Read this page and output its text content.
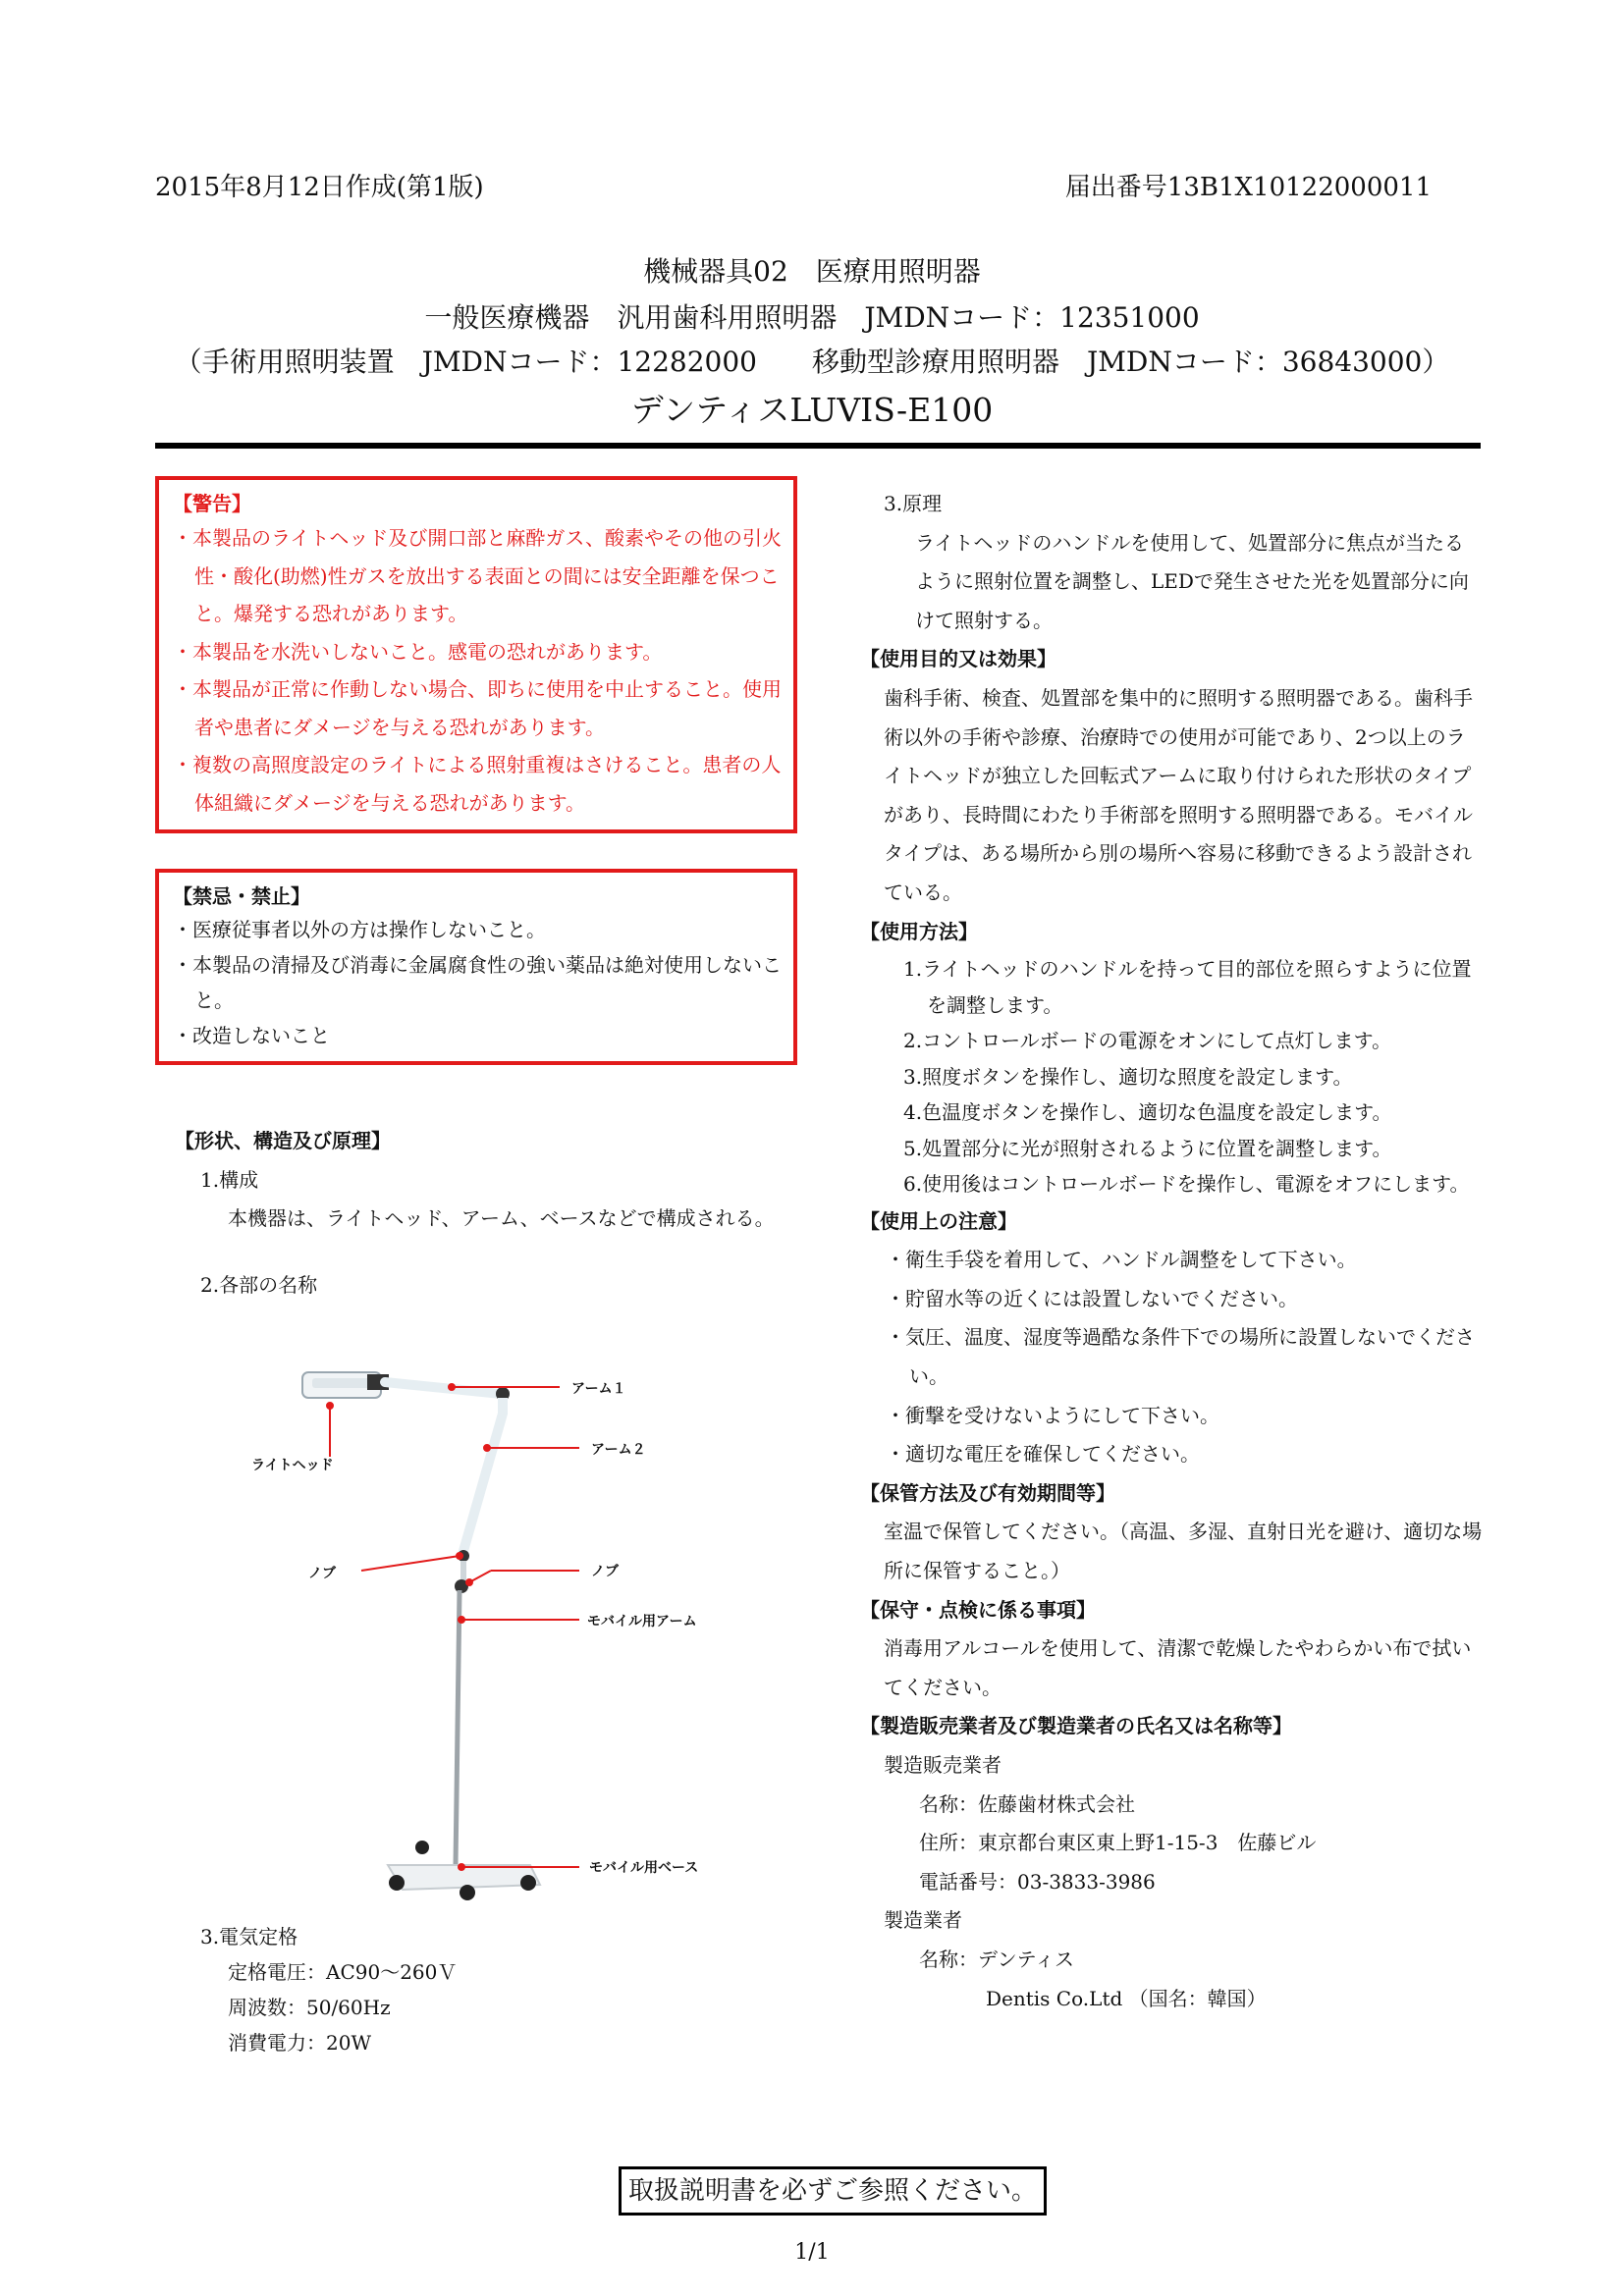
2015年8月12日作成(第1版)	届出番号13B1X10122000011
機械器具02　医療用照明器
一般医療機器　汎用歯科用照明器　JMDNコード：12351000
（手術用照明装置　JMDNコード：12282000　　移動型診療用照明器　JMDNコード：36843000）
デンティスLUVIS-E100
【警告】
・本製品のライトヘッド及び開口部と麻酔ガス、酸素やその他の引火性・酸化(助燃)性ガスを放出する表面との間には安全距離を保つこと。爆発する恐れがあります。
・本製品を水洗いしないこと。感電の恐れがあります。
・本製品が正常に作動しない場合、即ちに使用を中止すること。使用者や患者にダメージを与える恐れがあります。
・複数の高照度設定のライトによる照射重複はさけること。患者の人体組織にダメージを与える恐れがあります。
【禁忌・禁止】
・医療従事者以外の方は操作しないこと。
・本製品の清掃及び消毒に金属腐食性の強い薬品は絶対使用しないこと。
・改造しないこと
【形状、構造及び原理】
1.構成
本機器は、ライトヘッド、アーム、ベースなどで構成される。
2.各部の名称
アーム１
アーム２
ライトヘッド
ノブ	ノブ
モバイル用アーム
モバイル用ベース
3.電気定格
定格電圧：AC90～260Ｖ
周波数：50/60Hz
消費電力：20W
3.原理
ライトヘッドのハンドルを使用して、処置部分に焦点が当たるように照射位置を調整し、LEDで発生させた光を処置部分に向けて照射する。
【使用目的又は効果】
歯科手術、検査、処置部を集中的に照明する照明器である。歯科手術以外の手術や診療、治療時での使用が可能であり、2つ以上のライトヘッドが独立した回転式アームに取り付けられた形状のタイプがあり、長時間にわたり手術部を照明する照明器である。モバイルタイプは、ある場所から別の場所へ容易に移動できるよう設計されている。
【使用方法】
1.ライトヘッドのハンドルを持って目的部位を照らすように位置を調整します。
2.コントロールボードの電源をオンにして点灯します。
3.照度ボタンを操作し、適切な照度を設定します。
4.色温度ボタンを操作し、適切な色温度を設定します。
5.処置部分に光が照射されるように位置を調整します。
6.使用後はコントロールボードを操作し、電源をオフにします。
【使用上の注意】
・衛生手袋を着用して、ハンドル調整をして下さい。
・貯留水等の近くには設置しないでください。
・気圧、温度、湿度等過酷な条件下での場所に設置しないでください。
・衝撃を受けないようにして下さい。
・適切な電圧を確保してください。
【保管方法及び有効期間等】
室温で保管してください。（高温、多湿、直射日光を避け、適切な場所に保管すること。）
【保守・点検に係る事項】
消毒用アルコールを使用して、清潔で乾燥したやわらかい布で拭いてください。
【製造販売業者及び製造業者の氏名又は名称等】
製造販売業者
名称：佐藤歯材株式会社
住所：東京都台東区東上野1-15-3　佐藤ビル
電話番号：03-3833-3986
製造業者
名称：デンティス
Dentis Co.Ltd （国名：韓国）
取扱説明書を必ずご参照ください。
1/1
